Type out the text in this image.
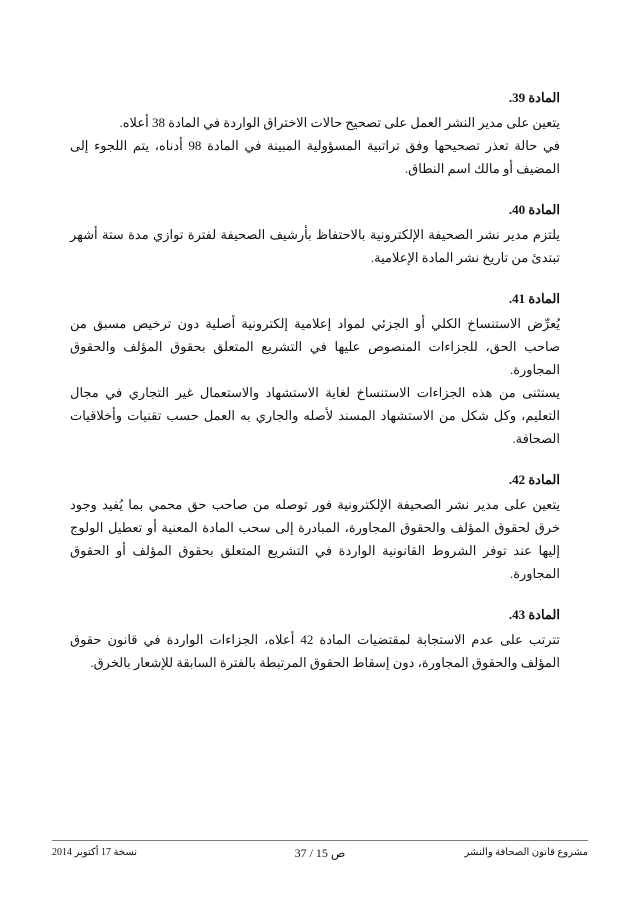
المادة 39.

يتعين على مدير النشر العمل على تصحيح حالات الاختراق الواردة في المادة 38 أعلاه.

في حالة تعذر تصحيحها وفق تراتبية المسؤولية المبينة في المادة 98 أدناه، يتم اللجوء إلى المضيف أو مالك اسم النطاق.

المادة 40.

يلتزم مدير نشر الصحيفة الإلكترونية بالاحتفاظ بأرشيف الصحيفة لفترة توازي مدة ستة أشهر تبتدئ من تاريخ نشر المادة الإعلامية.

المادة 41.

يُعرِّض الاستنساخ الكلي أو الجزئي لمواد إعلامية إلكترونية أصلية دون ترخيص مسبق من صاحب الحق، للجزاءات المنصوص عليها في التشريع المتعلق بحقوق المؤلف والحقوق المجاورة.

يستثنى من هذه الجزاءات الاستنساخ لغاية الاستشهاد والاستعمال غير التجاري في مجال التعليم، وكل شكل من الاستشهاد المسند لأصله والجاري به العمل حسب تقنيات وأخلاقيات الصحافة.

المادة 42.

يتعين على مدير نشر الصحيفة الإلكترونية فور توصله من صاحب حق محمي بما يُفيد وجود خرق لحقوق المؤلف والحقوق المجاورة، المبادرة إلى سحب المادة المعنية أو تعطيل الولوج إليها عند توفر الشروط القانونية الواردة في التشريع المتعلق بحقوق المؤلف أو الحقوق المجاورة.

المادة 43.

تترتب على عدم الاستجابة لمقتضيات المادة 42 أعلاه، الجزاءات الواردة في قانون حقوق المؤلف والحقوق المجاورة، دون إسقاط الحقوق المرتبطة بالفترة السابقة للإشعار بالخرق.

نسخة 17 أكتوبر 2014	ص 15 / 37	مشروع قانون الصحافة والنشر
